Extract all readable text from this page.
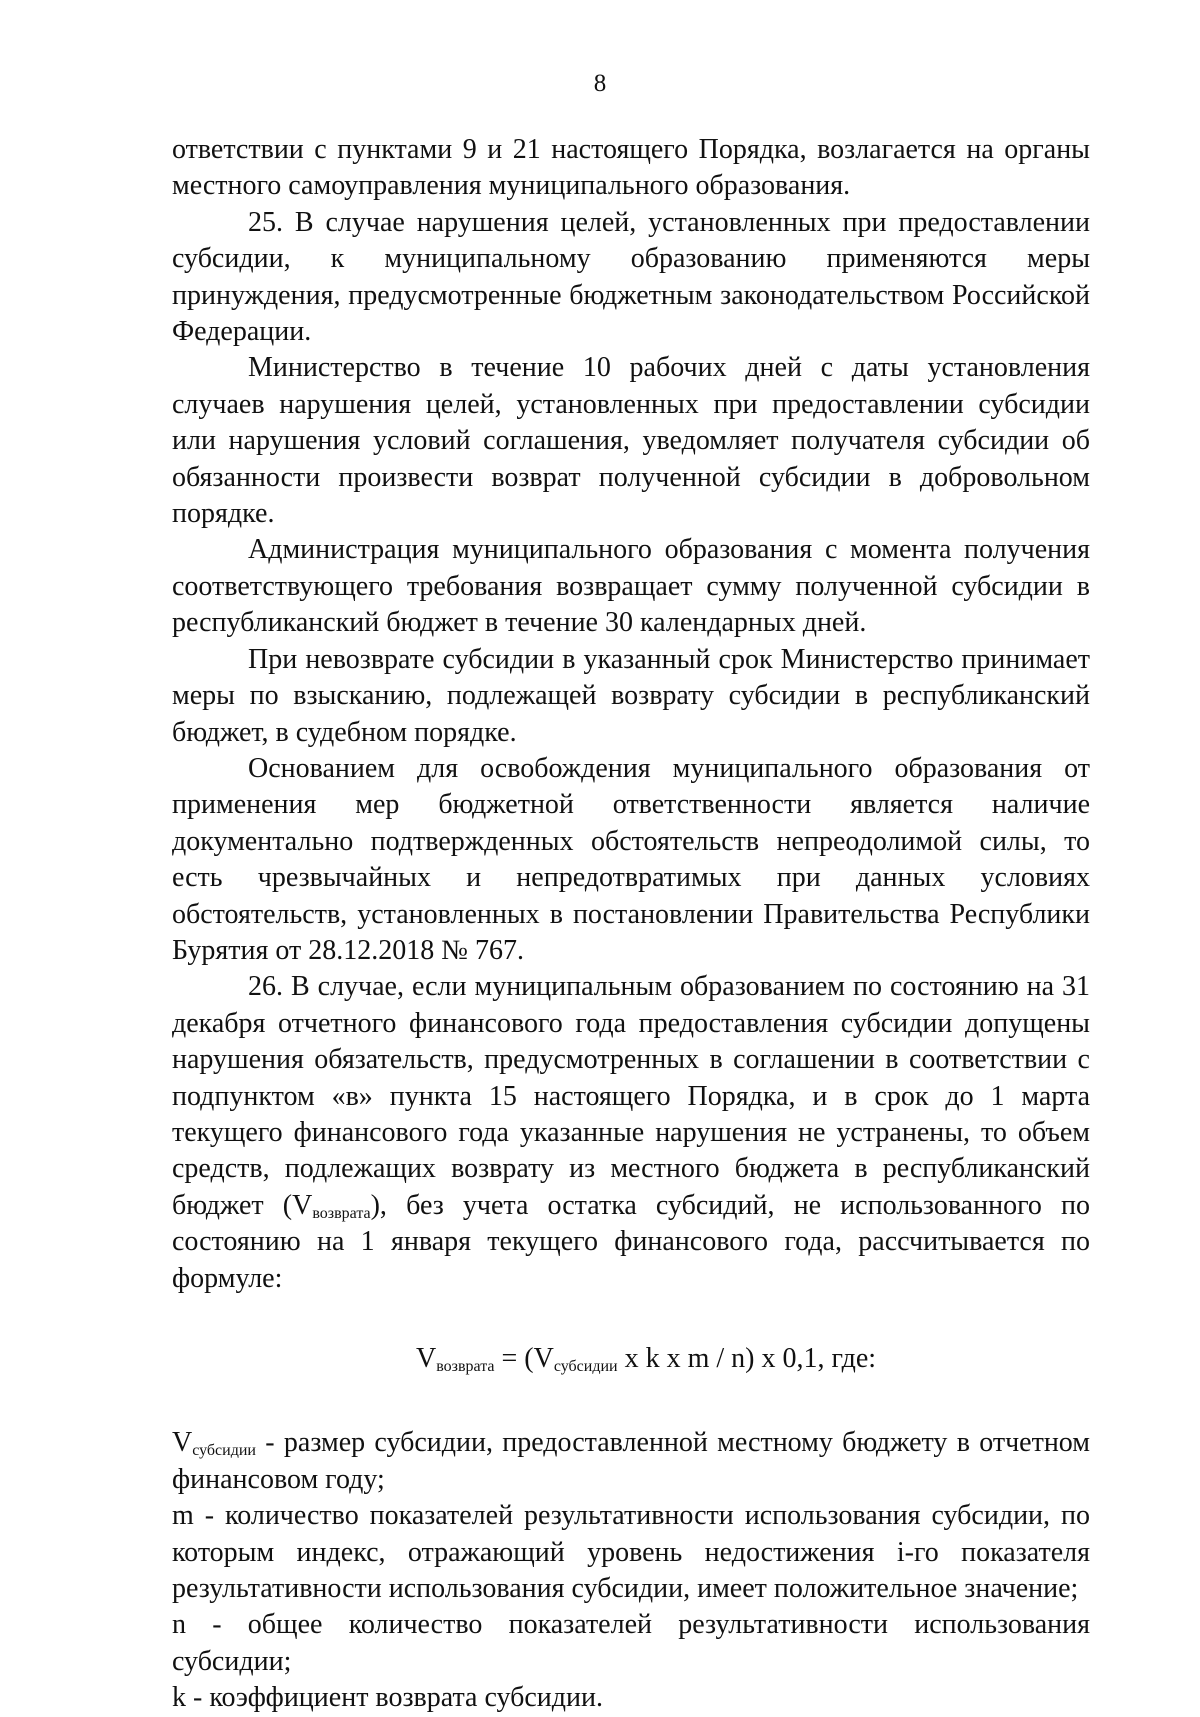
8

ответствии с пунктами 9 и 21 настоящего Порядка, возлагается на органы местного самоуправления муниципального образования.

25. В случае нарушения целей, установленных при предоставлении субсидии, к муниципальному образованию применяются меры принуждения, предусмотренные бюджетным законодательством Российской Федерации.

Министерство в течение 10 рабочих дней с даты установления случаев нарушения целей, установленных при предоставлении субсидии или нарушения условий соглашения, уведомляет получателя субсидии об обязанности произвести возврат полученной субсидии в добровольном порядке.

Администрация муниципального образования с момента получения соответствующего требования возвращает сумму полученной субсидии в республиканский бюджет в течение 30 календарных дней.

При невозврате субсидии в указанный срок Министерство принимает меры по взысканию, подлежащей возврату субсидии в республиканский бюджет, в судебном порядке.

Основанием для освобождения муниципального образования от применения мер бюджетной ответственности является наличие документально подтвержденных обстоятельств непреодолимой силы, то есть чрезвычайных и непредотвратимых при данных условиях обстоятельств, установленных в постановлении Правительства Республики Бурятия от 28.12.2018 № 767.

26. В случае, если муниципальным образованием по состоянию на 31 декабря отчетного финансового года предоставления субсидии допущены нарушения обязательств, предусмотренных в соглашении в соответствии с подпунктом «в» пункта 15 настоящего Порядка, и в срок до 1 марта текущего финансового года указанные нарушения не устранены, то объем средств, подлежащих возврату из местного бюджета в республиканский бюджет $(V_{возврата})$, без учета остатка субсидий, не использованного по состоянию на 1 января текущего финансового года, рассчитывается по формуле:

$V_{возврата} = (V_{субсидии}$ x k x m / n) x 0,1, где:

$V_{субсидии}$ - размер субсидии, предоставленной местному бюджету в отчетном финансовом году;

m - количество показателей результативности использования субсидии, по которым индекс, отражающий уровень недостижения i-го показателя результативности использования субсидии, имеет положительное значение;

n - общее количество показателей результативности использования субсидии;

k - коэффициент возврата субсидии.
